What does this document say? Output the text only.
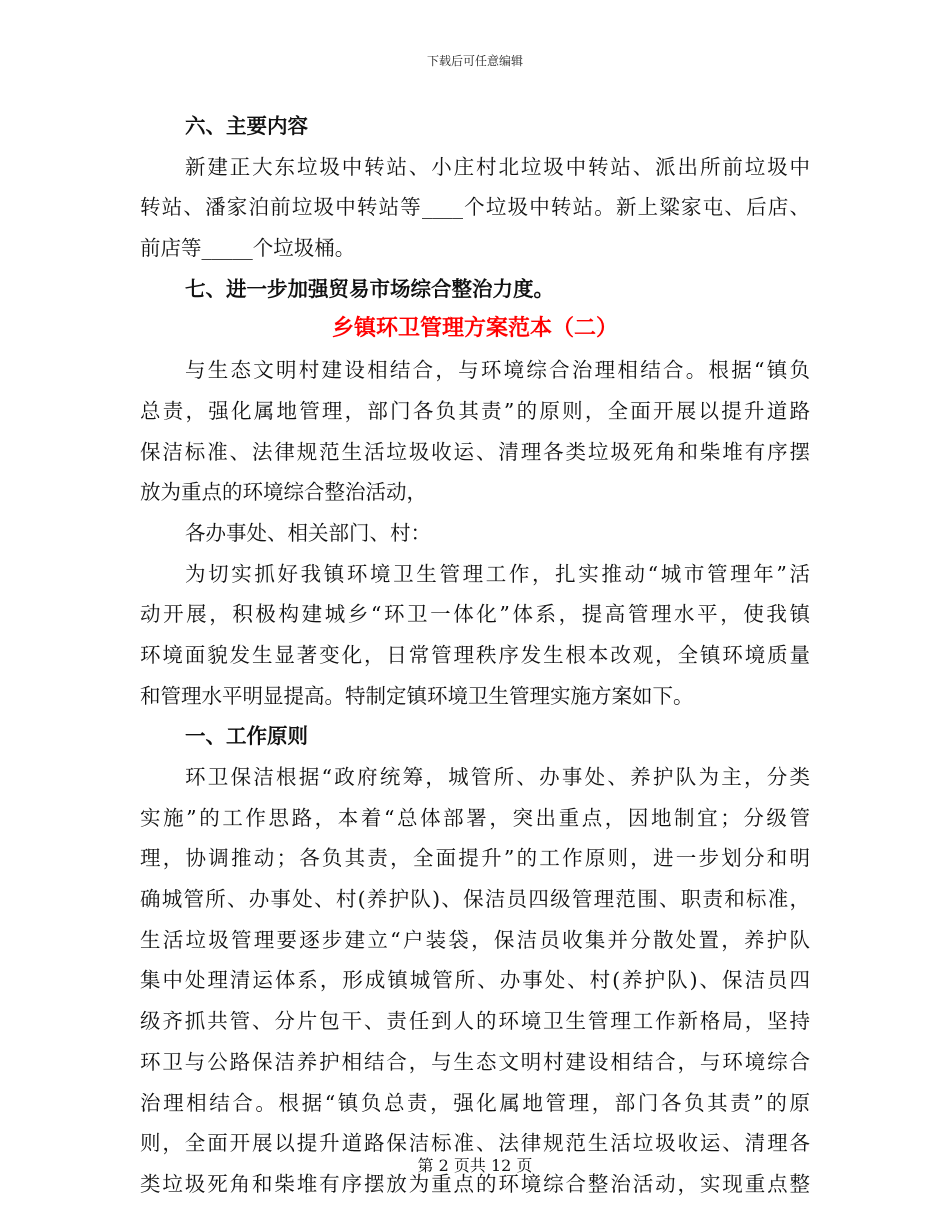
下载后可任意编辑
六、主要内容
新建正大东垃圾中转站、小庄村北垃圾中转站、派出所前垃圾中
转站、潘家泊前垃圾中转站等____个垃圾中转站。新上粱家屯、后店、
前店等_____个垃圾桶。
七、进一步加强贸易市场综合整治力度。
乡镇环卫管理方案范本（二）
与生态文明村建设相结合，与环境综合治理相结合。根据“镇负
总责，强化属地管理，部门各负其责”的原则，全面开展以提升道路
保洁标准、法律规范生活垃圾收运、清理各类垃圾死角和柴堆有序摆
放为重点的环境综合整治活动，
各办事处、相关部门、村：
为切实抓好我镇环境卫生管理工作，扎实推动“城市管理年”活
动开展，积极构建城乡“环卫一体化”体系，提高管理水平，使我镇
环境面貌发生显著变化，日常管理秩序发生根本改观，全镇环境质量
和管理水平明显提高。特制定镇环境卫生管理实施方案如下。
一、工作原则
环卫保洁根据“政府统筹，城管所、办事处、养护队为主，分类
实施”的工作思路，本着“总体部署，突出重点，因地制宜；分级管
理，协调推动；各负其责，全面提升”的工作原则，进一步划分和明
确城管所、办事处、村(养护队)、保洁员四级管理范围、职责和标准，
生活垃圾管理要逐步建立“户装袋，保洁员收集并分散处置，养护队
集中处理清运体系，形成镇城管所、办事处、村(养护队)、保洁员四
级齐抓共管、分片包干、责任到人的环境卫生管理工作新格局，坚持
环卫与公路保洁养护相结合，与生态文明村建设相结合，与环境综合
治理相结合。根据“镇负总责，强化属地管理，部门各负其责”的原
则，全面开展以提升道路保洁标准、法律规范生活垃圾收运、清理各
类垃圾死角和柴堆有序摆放为重点的环境综合整治活动，实现重点整
第 2 页共 12 页
